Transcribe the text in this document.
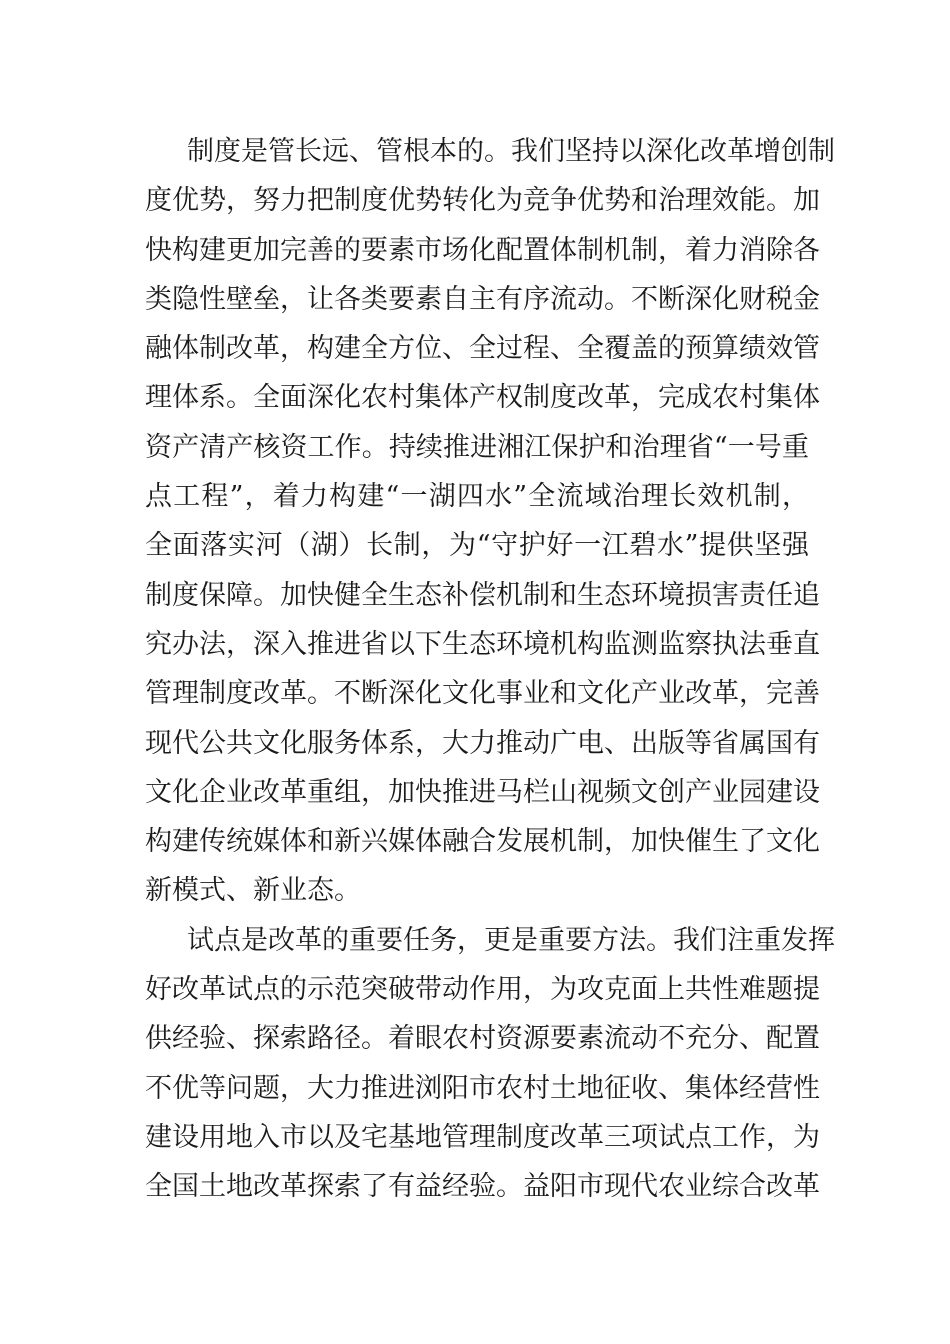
制度是管长远、管根本的。我们坚持以深化改革增创制
度优势，努力把制度优势转化为竞争优势和治理效能。加
快构建更加完善的要素市场化配置体制机制，着力消除各
类隐性壁垒，让各类要素自主有序流动。不断深化财税金
融体制改革，构建全方位、全过程、全覆盖的预算绩效管
理体系。全面深化农村集体产权制度改革，完成农村集体
资产清产核资工作。持续推进湘江保护和治理省“一号重
点工程”，着力构建“一湖四水”全流域治理长效机制，
全面落实河（湖）长制，为“守护好一江碧水”提供坚强
制度保障。加快健全生态补偿机制和生态环境损害责任追
究办法，深入推进省以下生态环境机构监测监察执法垂直
管理制度改革。不断深化文化事业和文化产业改革，完善
现代公共文化服务体系，大力推动广电、出版等省属国有
文化企业改革重组，加快推进马栏山视频文创产业园建设
构建传统媒体和新兴媒体融合发展机制，加快催生了文化
新模式、新业态。
试点是改革的重要任务，更是重要方法。我们注重发挥
好改革试点的示范突破带动作用，为攻克面上共性难题提
供经验、探索路径。着眼农村资源要素流动不充分、配置
不优等问题，大力推进浏阳市农村土地征收、集体经营性
建设用地入市以及宅基地管理制度改革三项试点工作，为
全国土地改革探索了有益经验。益阳市现代农业综合改革
